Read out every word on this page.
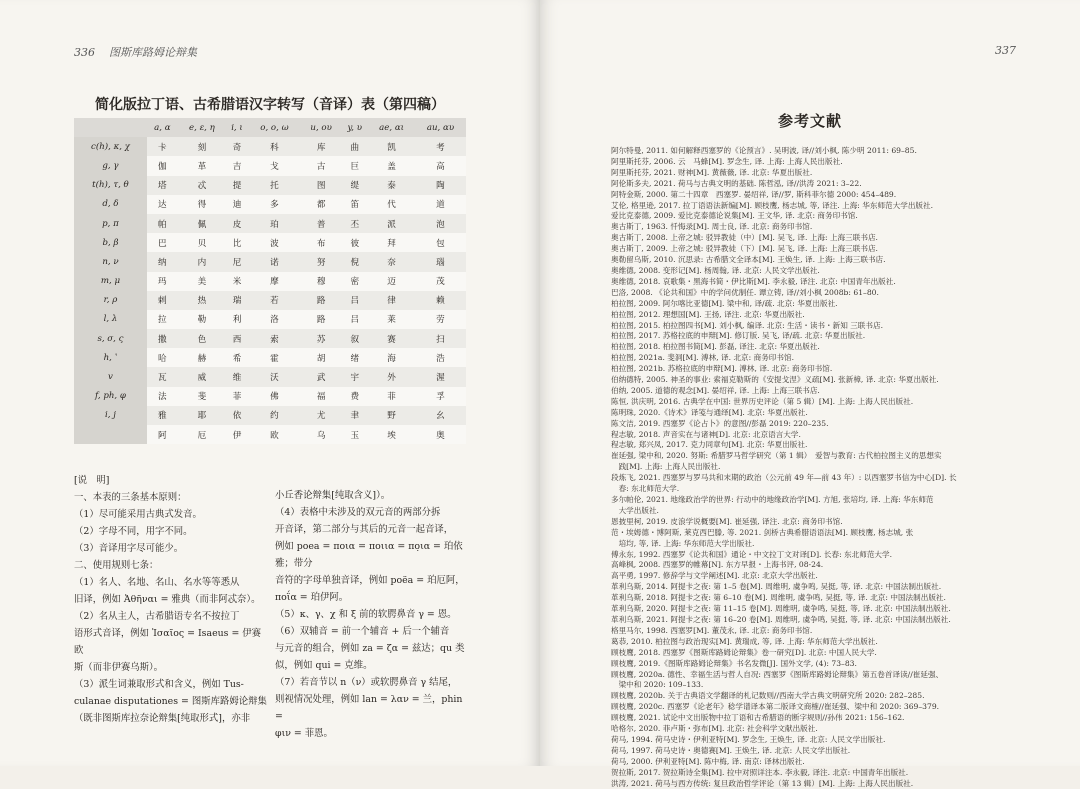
336 图斯库路姆论辩集
简化版拉丁语、古希腊语汉字转写（音译）表（第四稿）
	a, α	e, ε, η	i, ι	o, ο, ω	u, ου	y, υ	ae, αι	au, αυ
c(h), κ, χ	卡	刻	奇	科	库	曲	凯	考
g, γ	伽	革	吉	戈	古	巨	盖	高
t(h), τ, θ	塔	忒	提	托	图	缇	泰	陶
d, δ	达	得	迪	多	都	笛	代	道
p, π	帕	佩	皮	珀	普	丕	派	泡
b, β	巴	贝	比	波	布	彼	拜	包
n, ν	纳	内	尼	诺	努	倪	奈	瑙
m, μ	玛	美	米	摩	穆	密	迈	茂
r, ρ	剌	热	瑞	若	路	吕	律	赖
l, λ	拉	勒	利	洛	路	吕	莱	劳
s, σ, ς	撒	色	西	索	苏	叙	赛	扫
h, ʽ	哈	赫	希	霍	胡	绪	海	浩
v	瓦	威	维	沃	武	宇	外	渥
f, ph, φ	法	斐	菲	佛	福	费	菲	孚
i, j	雅	耶	依	约	尤	聿	野	幺
	阿	厄	伊	欧	乌	玉	埃	奥

[说　明]

一、本表的三条基本原则：

（1）尽可能采用古典式发音。

（2）字母不同，用字不同。

（3）音译用字尽可能少。

二、使用规则七条：

（1）名人、名地、名山、名水等等悉从

旧译，例如 Ἀθῆναι = 雅典（而非阿忒奈）。

（2）名从主人，古希腊语专名不按拉丁

语形式音译，例如 Ἰσαῖος = Isaeus = 伊赛欧

斯（而非伊赛乌斯）。

（3）派生词兼取形式和含义，例如 Tus-

culanae disputationes = 图斯库路姆论辩集

（既非图斯库拉奈论辩集[纯取形式]，亦非

小丘香论辩集[纯取含义]）。

（4）表格中未涉及的双元音的两部分拆

开音译，第二部分与其后的元音一起音译，

例如 poea = ποια = ποιια = πο̣ια = 珀依雅；带分

音符的字母单独音译，例如 poëa = 珀厄阿，

ποΐα = 珀伊阿。

（5）κ、γ、χ 和 ξ 前的软腭鼻音 γ = 恩。

（6）双辅音 = 前一个辅音 + 后一个辅音

与元音的组合，例如 za = ζα = 兹达；qu 类

似，例如 qui = 克维。

（7）若音节以 n（ν）或软腭鼻音 γ 结尾，

则视情况处理，例如 lan = λαν = 兰，phin =

φιν = 菲恩。

337
参考文献

阿尔特曼, 2011. 如何解释西塞罗的《论预言》. 吴明波, 译//刘小枫, 陈少明 2011: 69–85.

阿里斯托芬, 2006. 云　马蜂[M]. 罗念生, 译. 上海: 上海人民出版社.

阿里斯托芬, 2021. 财神[M]. 黄薇薇, 译. 北京: 华夏出版社.

阿伦斯多夫, 2021. 荷马与古典文明的基础. 陈哲泓, 译//洪涛 2021: 3–22.

阿特金斯, 2000. 第二十四章　西塞罗. 晏绍祥, 译//罗, 斯科菲尔德 2000: 454–489.

艾伦, 格里逊, 2017. 拉丁语语法新编[M]. 顾枝鹰, 杨志城, 等, 译注. 上海: 华东师范大学出版社.

爱比克泰德, 2009. 爱比克泰德论说集[M]. 王文华, 译. 北京: 商务印书馆.

奥古斯丁, 1963. 忏悔录[M]. 周士良, 译. 北京: 商务印书馆.

奥古斯丁, 2008. 上帝之城: 驳异教徒（中）[M]. 吴飞, 译. 上海: 上海三联书店.

奥古斯丁, 2009. 上帝之城: 驳异教徒（下）[M]. 吴飞, 译. 上海: 上海三联书店.

奥勒留乌斯, 2010. 沉思录: 古希腊文全译本[M]. 王焕生, 译. 上海: 上海三联书店.

奥维德, 2008. 变形记[M]. 杨周翰, 译. 北京: 人民文学出版社.

奥维德, 2018. 哀歌集・黑海书简・伊比斯[M]. 李永毅, 译注. 北京: 中国青年出版社.

巴洛, 2008. 《论共和国》中的学问优制任. 谭立铸, 译//刘小枫 2008b: 61–80.

柏拉图, 2009. 阿尔喀比亚德[M]. 梁中和, 译/疏. 北京: 华夏出版社.

柏拉图, 2012. 理想国[M]. 王扬, 译注. 北京: 华夏出版社.

柏拉图, 2015. 柏拉图四书[M]. 刘小枫, 编译. 北京: 生活・读书・新知 三联书店.

柏拉图, 2017. 苏格拉底的申辩[M]. 修订版. 吴飞, 译/疏. 北京: 华夏出版社.

柏拉图, 2018. 柏拉图书简[M]. 彭磊, 译注. 北京: 华夏出版社.

柏拉图, 2021a. 斐洞[M]. 溥林, 译. 北京: 商务印书馆.

柏拉图, 2021b. 苏格拉底的申辩[M]. 溥林, 译. 北京: 商务印书馆.

伯纳德特, 2005. 神圣的事业: 索福克勒斯的《安提戈涅》义疏[M]. 张新樟, 译. 北京: 华夏出版社.

伯纳, 2005. 道德的观念[M]. 晏绍祥, 译. 上海: 上海三联书店.

陈恒, 洪庆明, 2016. 古典学在中国: 世界历史评论（第 5 辑）[M]. 上海: 上海人民出版社.

陈明珠, 2020.《诗术》译笺与通绎[M]. 北京: 华夏出版社.

陈文洁, 2019. 西塞罗《论占卜》的意图//彭磊 2019: 220–235.

程志敏, 2018. 声音实在与诸神[D]. 北京: 北京语言大学.

程志敏, 郑兴凤, 2017. 克力同章句[M]. 北京: 华夏出版社.

崔延强, 梁中和, 2020. 努斯: 希腊罗马哲学研究（第 1 辑）　爱智与教育: 古代柏拉图主义的思想实

　践[M]. 上海: 上海人民出版社.

段炼飞, 2021. 西塞罗与罗马共和末期的政治（公元前 49 年—前 43 年）: 以西塞罗书信为中心[D]. 长

　春: 东北师范大学.

多尔帕伦, 2021. 地缘政治学的世界: 行动中的地缘政治学[M]. 方旭, 张培均, 译. 上海: 华东师范

　大学出版社.

恩披里柯, 2019. 皮浪学说概要[M]. 崔延强, 译注. 北京: 商务印书馆.

范・埃姆德・博阿斯, 莱克西巴滕, 等. 2021. 剑桥古典希腊语语法[M]. 顾枝鹰, 杨志城, 张

　培均, 等, 译. 上海: 华东师范大学出版社.

傅永东, 1992. 西塞罗《论共和国》通论・中文拉丁文对译[D]. 长春: 东北师范大学.

高峰枫, 2008. 西塞罗的帷幕[N]. 东方早报・上海书评, 08-24.

高平勇, 1997. 修辞学与文学阐述[M]. 北京: 北京大学出版社.

革利乌斯, 2014. 阿提卡之夜: 第 1–5 卷[M]. 周维明, 虞争鸣, 吴挺, 等, 译. 北京: 中国法制出版社.

革利乌斯, 2018. 阿提卡之夜: 第 6–10 卷[M]. 周维明, 虞争鸣, 吴挺, 等, 译. 北京: 中国法制出版社.

革利乌斯, 2020. 阿提卡之夜: 第 11–15 卷[M]. 周维明, 虞争鸣, 吴挺, 等, 译. 北京: 中国法制出版社.

革利乌斯, 2021. 阿提卡之夜: 第 16–20 卷[M]. 周维明, 虞争鸣, 吴挺, 等, 译. 北京: 中国法制出版社.

格里马尔, 1998. 西塞罗[M]. 董茂永, 译. 北京: 商务印书馆.

葛恭, 2010. 柏拉图与政治现实[M]. 黄瑞成, 等, 译. 上海: 华东师范大学出版社.

顾枝鹰, 2018. 西塞罗《图斯库路姆论辩集》卷一研究[D]. 北京: 中国人民大学.

顾枝鹰, 2019.《图斯库路姆论辩集》书名发微[J]. 国外文学, (4): 73–83.

顾枝鹰, 2020a. 德性、幸福生活与哲人自况: 西塞罗《图斯库路姆论辩集》第五卷首译读//崔延强、

　梁中和 2020: 109–133.

顾枝鹰, 2020b. 关于古典语文学翻译的札记数则//西南大学古典文明研究所 2020: 282–285.

顾枝鹰, 2020c. 西塞罗《论老年》稔学谱译本第二版译文商榷//崔延强、梁中和 2020: 369–379.

顾枝鹰, 2021. 试论中文出版物中拉丁语和古希腊语的断字规则//孙伟 2021: 156–162.

哈格尔, 2020. 菲卢斯・弥布[M]. 北京: 社会科学文献出版社.

荷马, 1994. 荷马史诗・伊利亚特[M]. 罗念生, 王焕生, 译. 北京: 人民文学出版社.

荷马, 1997. 荷马史诗・奥德赛[M]. 王焕生, 译. 北京: 人民文学出版社.

荷马, 2000. 伊利亚特[M]. 陈中梅, 译. 南京: 译林出版社.

贺拉斯, 2017. 贺拉斯诗全集[M]. 拉中对照详注本. 李永毅, 译注. 北京: 中国青年出版社.

洪涛, 2021. 荷马与西方传统: 复旦政治哲学评论（第 13 辑）[M]. 上海: 上海人民出版社.
